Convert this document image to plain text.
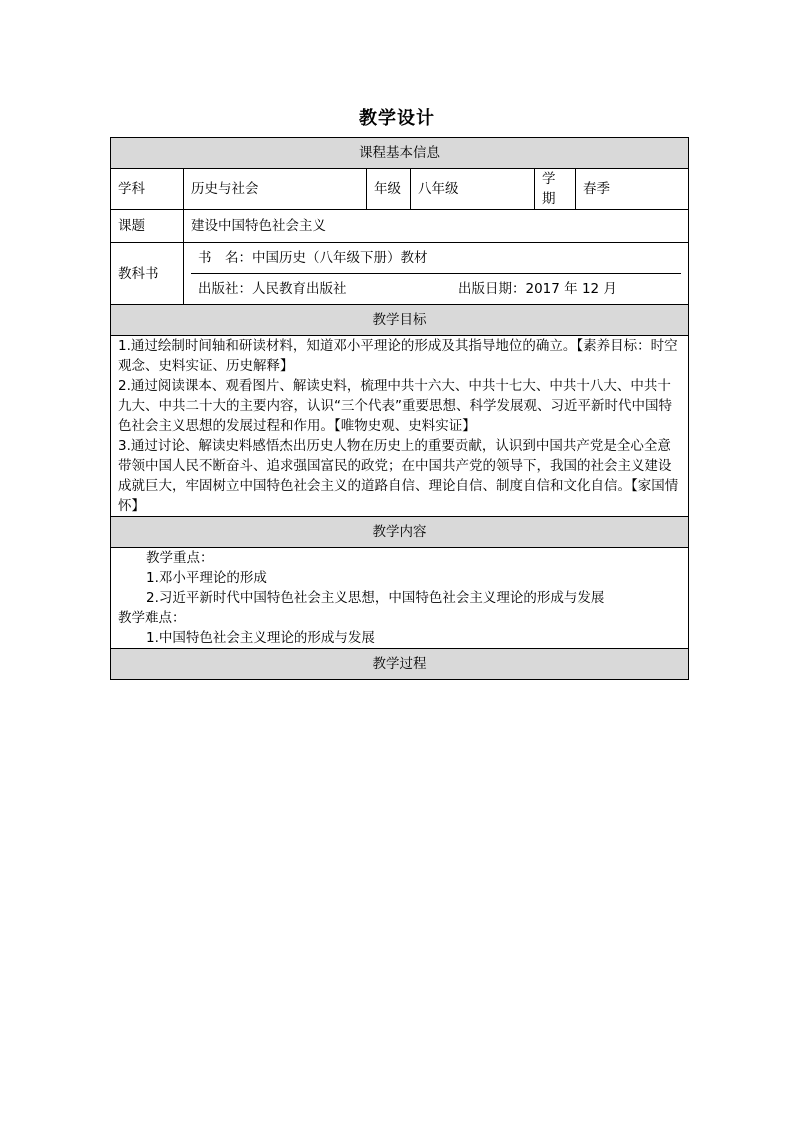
教学设计
课程基本信息					
学科	历史与社会	年级	八年级	学期	春季
课题	建设中国特色社会主义				
教科书	书　名：中国历史（八年级下册）教材
出版社：人民教育出版社 出版日期：2017 年 12 月				

教学目标					

1.通过绘制时间轴和研读材料，知道邓小平理论的形成及其指导地位的确立。【素养目标：时空观念、史料实证、历史解释】

2.通过阅读课本、观看图片、解读史料，梳理中共十六大、中共十七大、中共十八大、中共十九大、中共二十大的主要内容，认识“三个代表”重要思想、科学发展观、习近平新时代中国特色社会主义思想的发展过程和作用。【唯物史观、史料实证】

3.通过讨论、解读史料感悟杰出历史人物在历史上的重要贡献，认识到中国共产党是全心全意带领中国人民不断奋斗、追求强国富民的政党；在中国共产党的领导下，我国的社会主义建设成就巨大，牢固树立中国特色社会主义的道路自信、理论自信、制度自信和文化自信。【家国情怀】					

教学内容					

教学重点：

1.邓小平理论的形成

2.习近平新时代中国特色社会主义思想，中国特色社会主义理论的形成与发展

教学难点：

1.中国特色社会主义理论的形成与发展					

教学过程					
